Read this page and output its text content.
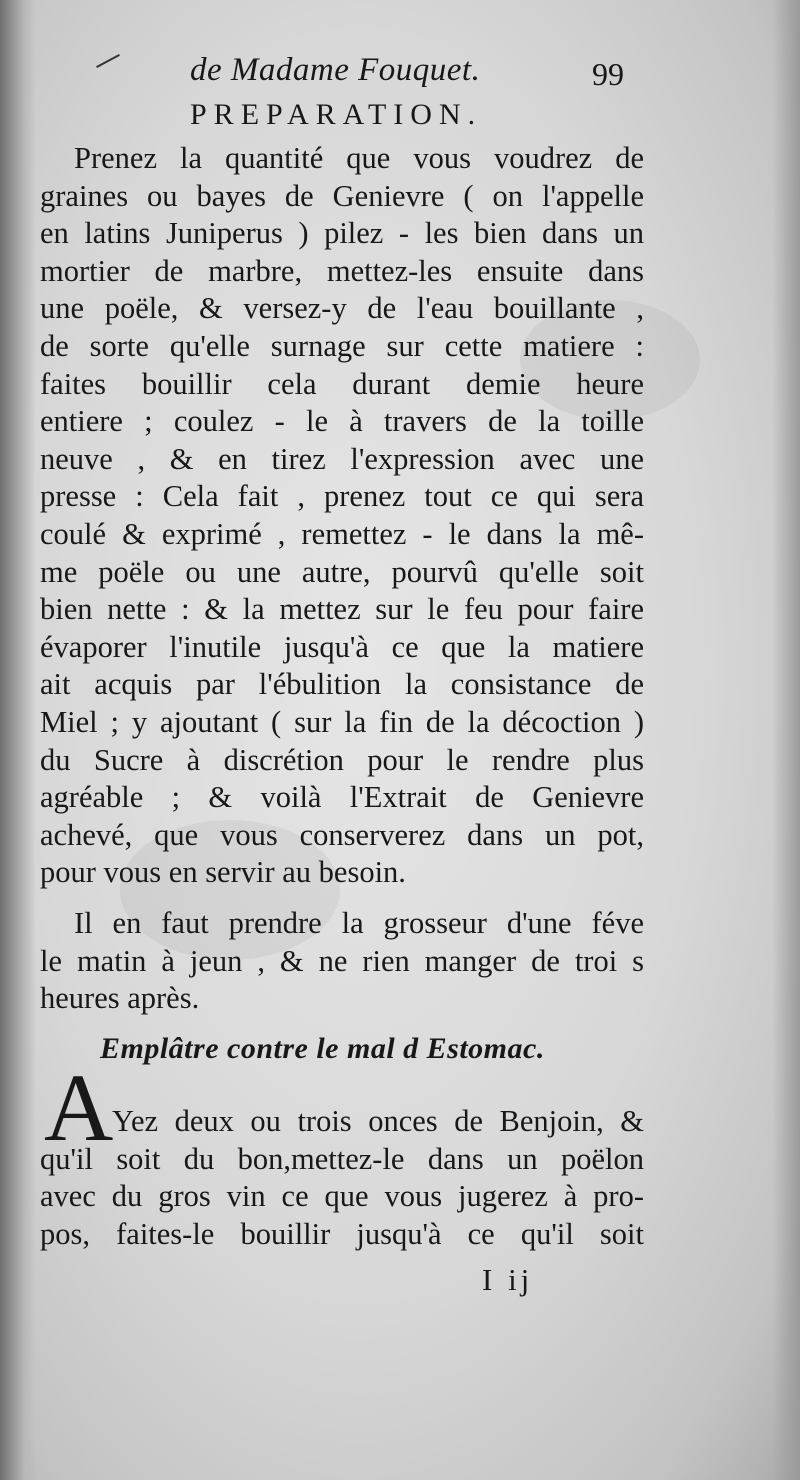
de Madame Fouquet.	99
PREPARATION.
Prenez la quantité que vous voudrez de
graines ou bayes de Genievre ( on l'appelle
en latins Juniperus ) pilez - les bien dans un
mortier de marbre, mettez-les ensuite dans
une poële, & versez-y de l'eau bouillante ,
de sorte qu'elle surnage sur cette matiere :
faites bouillir cela durant demie heure
entiere ; coulez - le à travers de la toille
neuve , & en tirez l'expression avec une
presse : Cela fait , prenez tout ce qui sera
coulé & exprimé , remettez - le dans la mê-
me poële ou une autre, pourvû qu'elle soit
bien nette : & la mettez sur le feu pour faire
évaporer l'inutile jusqu'à ce que la matiere
ait acquis par l'ébulition la consistance de
Miel ; y ajoutant ( sur la fin de la décoction )
du Sucre à discrétion pour le rendre plus
agréable ; & voilà l'Extrait de Genievre
achevé, que vous conserverez dans un pot,
pour vous en servir au besoin.
Il en faut prendre la grosseur d'une féve
le matin à jeun , & ne rien manger de troi s
heures après.
Emplâtre contre le mal d Estomac.
A
Yez deux ou trois onces de Benjoin, &
qu'il soit du bon,mettez-le dans un poëlon
avec du gros vin ce que vous jugerez à pro-
pos, faites-le bouillir jusqu'à ce qu'il soit
I ij
